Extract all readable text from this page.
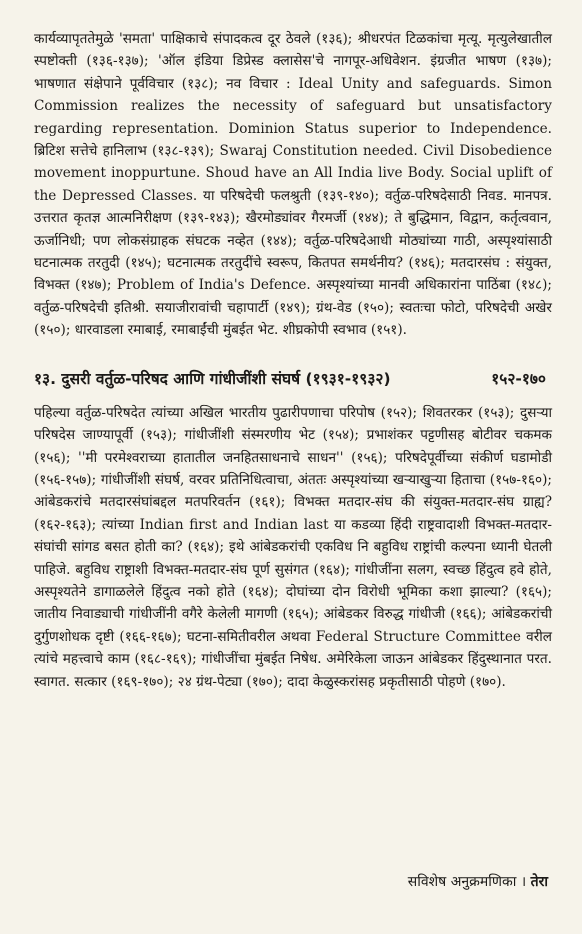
कार्यव्यापृततेमुळे 'समता' पाक्षिकाचे संपादकत्व दूर ठेवले (१३६); श्रीधरपंत टिळकांचा मृत्यू. मृत्युलेखातील स्पष्टोक्ती (१३६-१३७); 'ऑल इंडिया डिप्रेस्ड क्लासेस'चे नागपूर-अधिवेशन. इंग्रजीत भाषण (१३७); भाषणात संक्षेपाने पूर्वविचार (१३८); नव विचार : Ideal Unity and safeguards. Simon Commission realizes the necessity of safeguard but unsatisfactory regarding representation. Dominion Status superior to Independence. ब्रिटिश सत्तेचे हानिलाभ (१३८-१३९); Swaraj Constitution needed. Civil Disobedience movement inoppurtune. Shoud have an All India live Body. Social uplift of the Depressed Classes. या परिषदेची फलश्रुती (१३९-१४०); वर्तुळ-परिषदेसाठी निवड. मानपत्र. उत्तरात कृतज्ञ आत्मनिरीक्षण (१३९-१४३); खैरमोड्यांवर गैरमर्जी (१४४); ते बुद्धिमान, विद्वान, कर्तृत्ववान, ऊर्जानिधी; पण लोकसंग्राहक संघटक नव्हेत (१४४); वर्तुळ-परिषदेआधी मोठ्यांच्या गाठी, अस्पृश्यांसाठी घटनात्मक तरतुदी (१४५); घटनात्मक तरतुदींचे स्वरूप, कितपत समर्थनीय? (१४६); मतदारसंघ : संयुक्त, विभक्त (१४७); Problem of India's Defence. अस्पृश्यांच्या मानवी अधिकारांना पाठिंबा (१४८); वर्तुळ-परिषदेची इतिश्री. सयाजीरावांची चहापार्टी (१४९); ग्रंथ-वेड (१५०); स्वतःचा फोटो, परिषदेची अखेर (१५०); धारवाडला रमाबाई, रमाबाईंची मुंबईत भेट. शीघ्रकोपी स्वभाव (१५१).

१३. दुसरी वर्तुळ-परिषद आणि गांधीजींशी संघर्ष (१९३१-१९३२)	१५२-१७०

पहिल्या वर्तुळ-परिषदेत त्यांच्या अखिल भारतीय पुढारीपणाचा परिपोष (१५२); शिवतरकर (१५३); दुसऱ्या परिषदेस जाण्यापूर्वी (१५३); गांधीजींशी संस्मरणीय भेट (१५४); प्रभाशंकर पट्टणीसह बोटीवर चकमक (१५६); ''मी परमेश्वराच्या हातातील जनहितसाधनाचे साधन'' (१५६); परिषदेपूर्वीच्या संकीर्ण घडामोडी (१५६-१५७); गांधीजींशी संघर्ष, वरवर प्रतिनिधित्वाचा, अंततः अस्पृश्यांच्या खऱ्याखुऱ्या हिताचा (१५७-१६०); आंबेडकरांचे मतदारसंघांबद्दल मतपरिवर्तन (१६१); विभक्त मतदार-संघ की संयुक्त-मतदार-संघ ग्राह्य? (१६२-१६३); त्यांच्या Indian first and Indian last या कडव्या हिंदी राष्ट्रवादाशी विभक्त-मतदार-संघांची सांगड बसत होती का? (१६४); इथे आंबेडकरांची एकविध नि बहुविध राष्ट्रांची कल्पना ध्यानी घेतली पाहिजे. बहुविध राष्ट्राशी विभक्त-मतदार-संघ पूर्ण सुसंगत (१६४); गांधीजींना सलग, स्वच्छ हिंदुत्व हवे होते, अस्पृश्यतेने डागाळलेले हिंदुत्व नको होते (१६४); दोघांच्या दोन विरोधी भूमिका कशा झाल्या? (१६५); जातीय निवाड्याची गांधीजींनी वगैरे केलेली मागणी (१६५); आंबेडकर विरुद्ध गांधीजी (१६६); आंबेडकरांची दुर्गुणशोधक दृष्टी (१६६-१६७); घटना-समितीवरील अथवा Federal Structure Committee वरील त्यांचे महत्त्वाचे काम (१६८-१६९); गांधीजींचा मुंबईत निषेध. अमेरिकेला जाऊन आंबेडकर हिंदुस्थानात परत. स्वागत. सत्कार (१६९-१७०); २४ ग्रंथ-पेट्या (१७०); दादा केळुस्करांसह प्रकृतीसाठी पोहणे (१७०).

सविशेष अनुक्रमणिका । तेरा
